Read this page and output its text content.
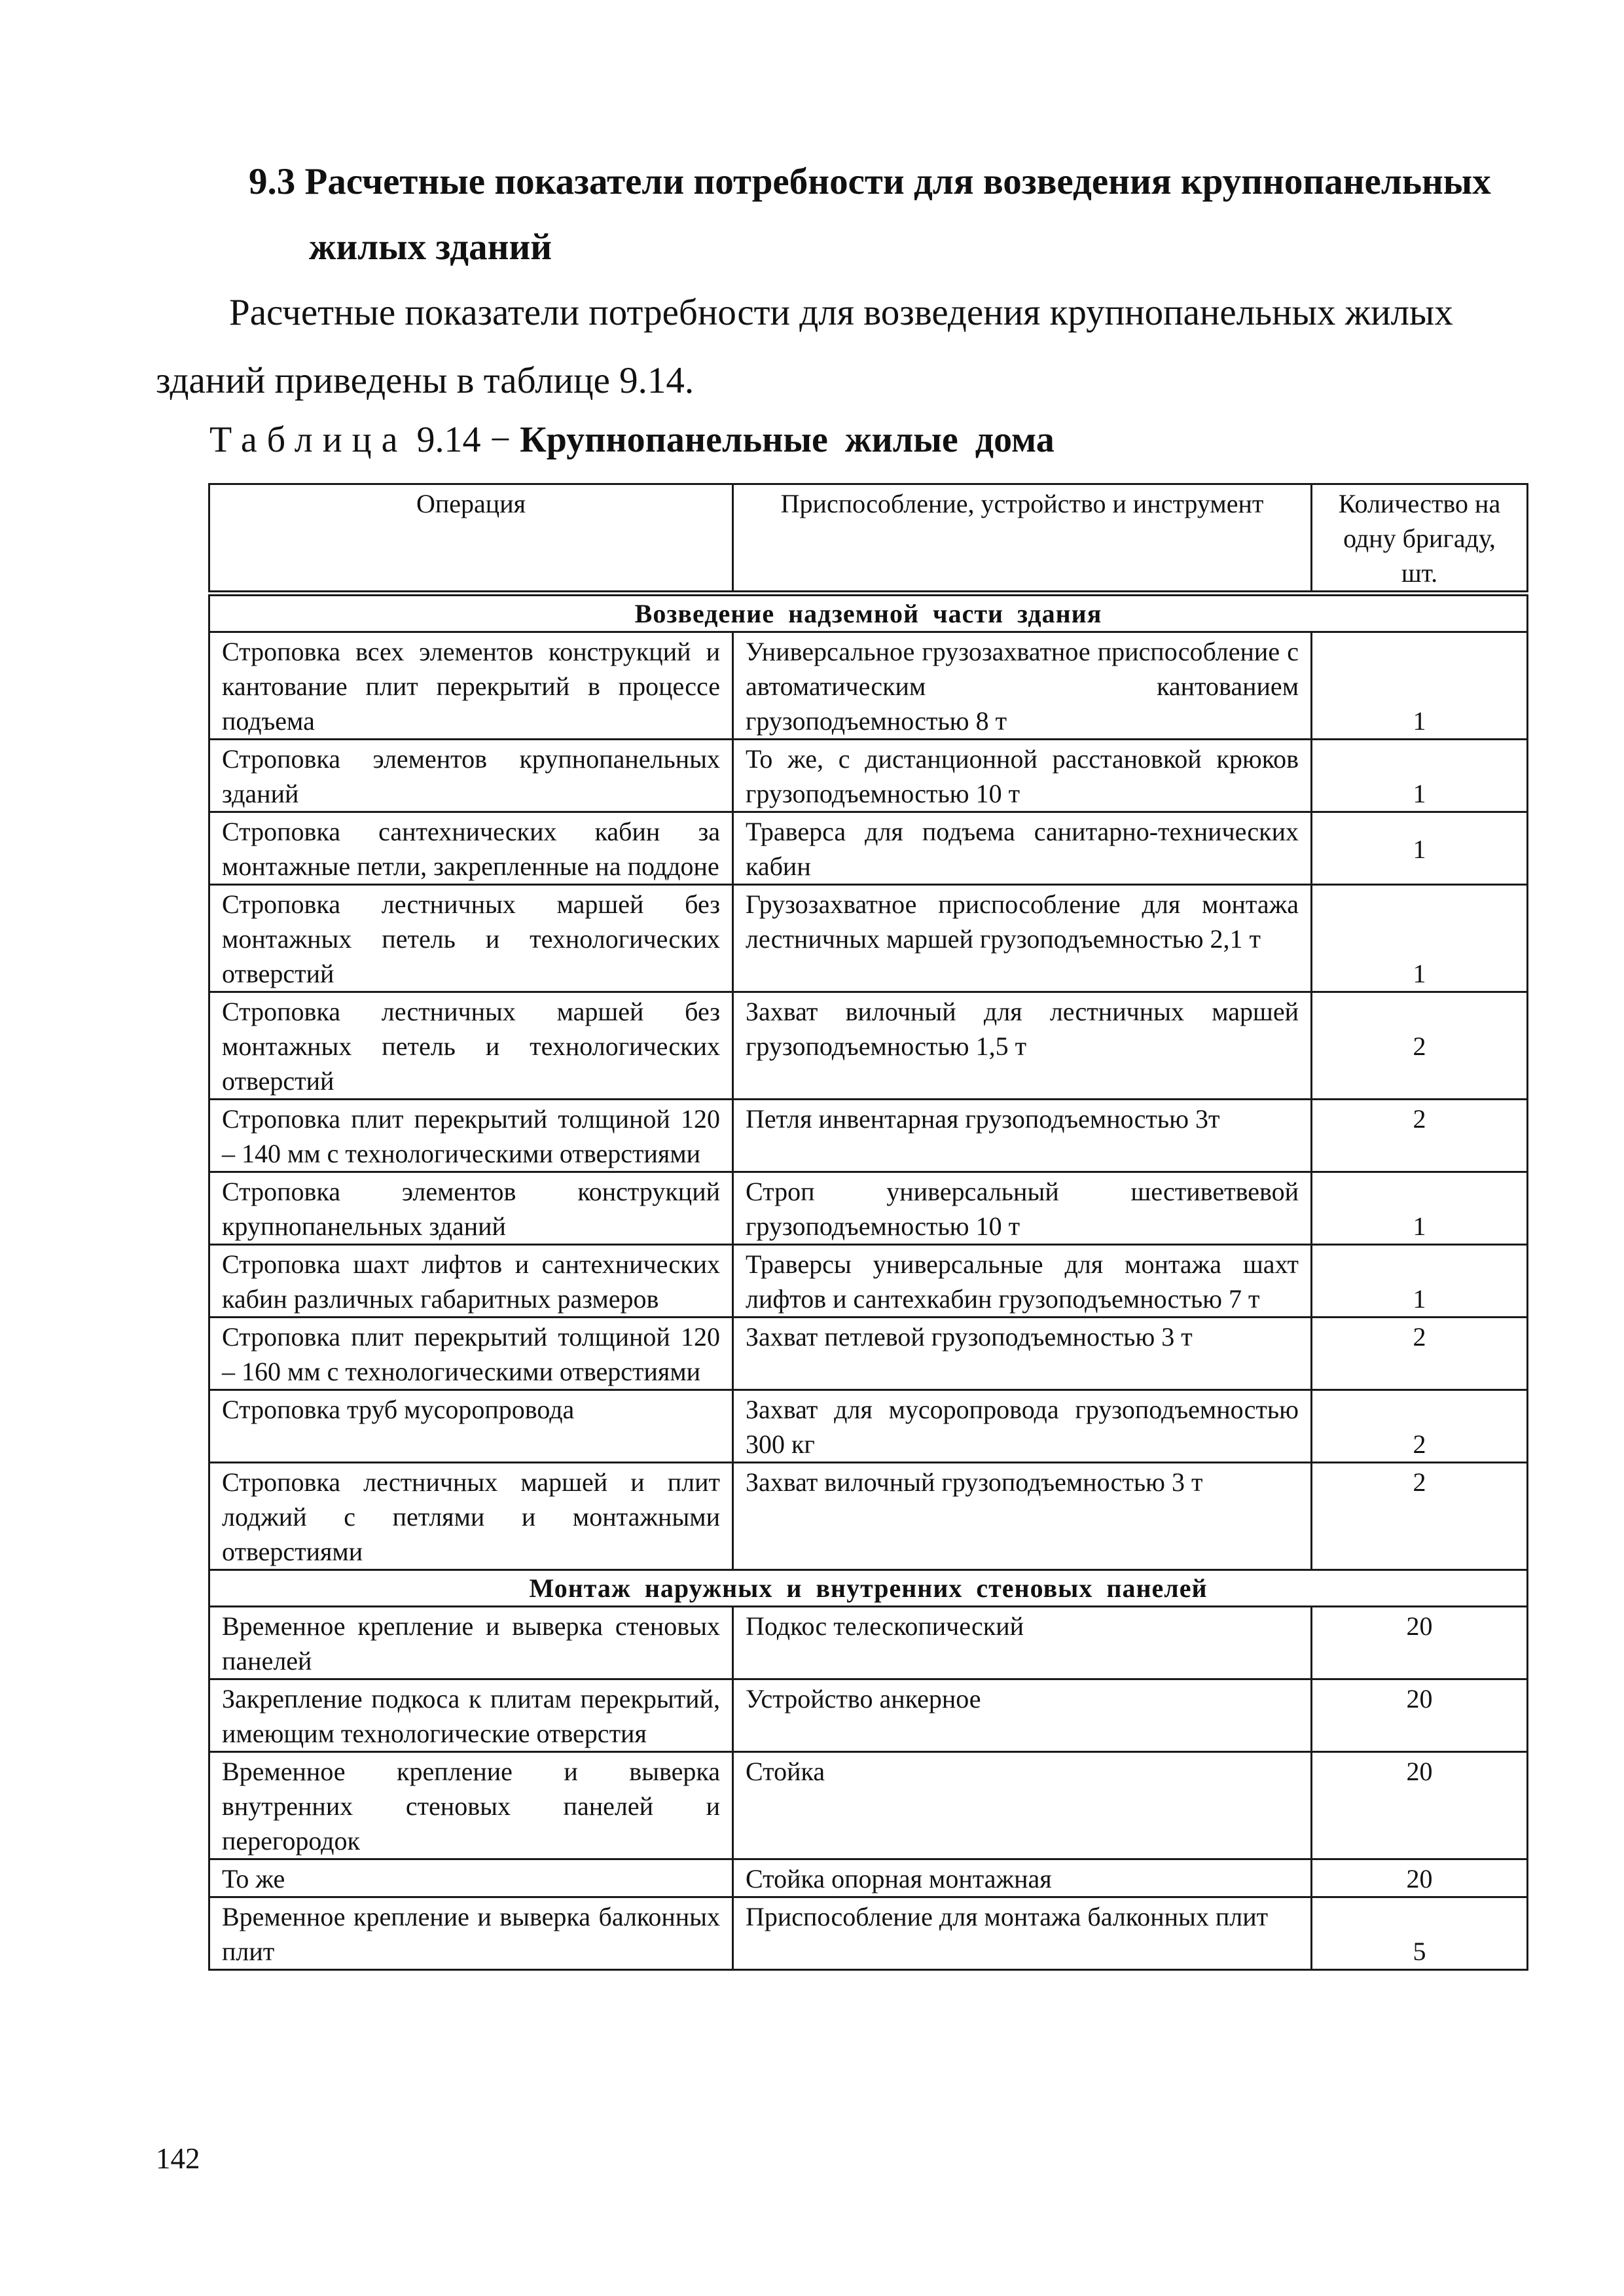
9.3 Расчетные показатели потребности для возведения крупнопанельных
жилых зданий

Расчетные показатели потребности для возведения крупнопанельных жилых зданий приведены в таблице 9.14.

Таблица 9.14 − Крупнопанельные жилые дома
Операция	Приспособление, устройство и инструмент	Количество на одну бригаду, шт.
Возведение надземной части здания		
Строповка всех элементов конструкций и кантование плит перекрытий в процессе подъема	Универсальное грузозахватное приспособление с автоматическим кантованием грузоподъемностью 8 т	1
Строповка элементов крупнопанельных зданий	То же, с дистанционной расстановкой крюков грузоподъемностью 10 т	1
Строповка сантехнических кабин за монтажные петли, закрепленные на поддоне	Траверса для подъема санитарно-технических кабин	1
Строповка лестничных маршей без монтажных петель и технологических отверстий	Грузозахватное приспособление для монтажа лестничных маршей грузоподъемностью 2,1 т	1
Строповка лестничных маршей без монтажных петель и технологических отверстий	Захват вилочный для лестничных маршей грузоподъемностью 1,5 т	2
Строповка плит перекрытий толщиной 120 – 140 мм с технологическими отверстиями	Петля инвентарная грузоподъемностью 3т	2
Строповка элементов конструкций крупнопанельных зданий	Строп универсальный шестиветвевой грузоподъемностью 10 т	1
Строповка шахт лифтов и сантехнических кабин различных габаритных размеров	Траверсы универсальные для монтажа шахт лифтов и сантехкабин грузоподъемностью 7 т	1
Строповка плит перекрытий толщиной 120 – 160 мм с технологическими отверстиями	Захват петлевой грузоподъемностью 3 т	2
Строповка труб мусоропровода	Захват для мусоропровода грузоподъемностью 300 кг	2
Строповка лестничных маршей и плит лоджий с петлями и монтажными отверстиями	Захват вилочный грузоподъемностью 3 т	2
Монтаж наружных и внутренних стеновых панелей		
Временное крепление и выверка стеновых панелей	Подкос телескопический	20
Закрепление подкоса к плитам перекрытий, имеющим технологические отверстия	Устройство анкерное	20
Временное крепление и выверка внутренних стеновых панелей и перегородок	Стойка	20
То же	Стойка опорная монтажная	20
Временное крепление и выверка балконных плит	Приспособление для монтажа балконных плит	5
142
